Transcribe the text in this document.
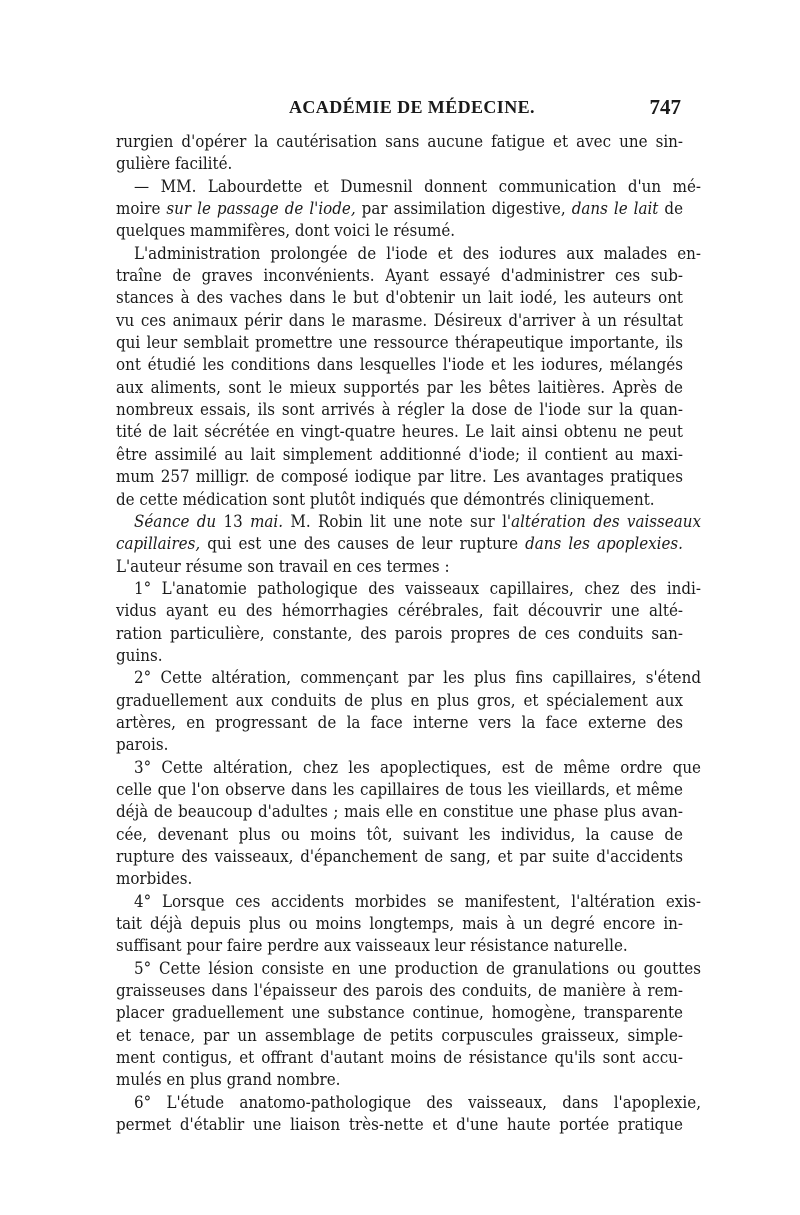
ACADÉMIE DE MÉDECINE.	747
rurgien d'opérer la cautérisation sans aucune fatigue et avec une sin-
gulière facilité.
— MM. Labourdette et Dumesnil donnent communication d'un mé-
moire sur le passage de l'iode, par assimilation digestive, dans le lait de
quelques mammifères, dont voici le résumé.
L'administration prolongée de l'iode et des iodures aux malades en-
traîne de graves inconvénients. Ayant essayé d'administrer ces sub-
stances à des vaches dans le but d'obtenir un lait iodé, les auteurs ont
vu ces animaux périr dans le marasme. Désireux d'arriver à un résultat
qui leur semblait promettre une ressource thérapeutique importante, ils
ont étudié les conditions dans lesquelles l'iode et les iodures, mélangés
aux aliments, sont le mieux supportés par les bêtes laitières. Après de
nombreux essais, ils sont arrivés à régler la dose de l'iode sur la quan-
tité de lait sécrétée en vingt-quatre heures. Le lait ainsi obtenu ne peut
être assimilé au lait simplement additionné d'iode; il contient au maxi-
mum 257 milligr. de composé iodique par litre. Les avantages pratiques
de cette médication sont plutôt indiqués que démontrés cliniquement.
Séance du 13 mai. M. Robin lit une note sur l'altération des vaisseaux
capillaires, qui est une des causes de leur rupture dans les apoplexies.
L'auteur résume son travail en ces termes :
1° L'anatomie pathologique des vaisseaux capillaires, chez des indi-
vidus ayant eu des hémorrhagies cérébrales, fait découvrir une alté-
ration particulière, constante, des parois propres de ces conduits san-
guins.
2° Cette altération, commençant par les plus fins capillaires, s'étend
graduellement aux conduits de plus en plus gros, et spécialement aux
artères, en progressant de la face interne vers la face externe des
parois.
3° Cette altération, chez les apoplectiques, est de même ordre que
celle que l'on observe dans les capillaires de tous les vieillards, et même
déjà de beaucoup d'adultes ; mais elle en constitue une phase plus avan-
cée, devenant plus ou moins tôt, suivant les individus, la cause de
rupture des vaisseaux, d'épanchement de sang, et par suite d'accidents
morbides.
4° Lorsque ces accidents morbides se manifestent, l'altération exis-
tait déjà depuis plus ou moins longtemps, mais à un degré encore in-
suffisant pour faire perdre aux vaisseaux leur résistance naturelle.
5° Cette lésion consiste en une production de granulations ou gouttes
graisseuses dans l'épaisseur des parois des conduits, de manière à rem-
placer graduellement une substance continue, homogène, transparente
et tenace, par un assemblage de petits corpuscules graisseux, simple-
ment contigus, et offrant d'autant moins de résistance qu'ils sont accu-
mulés en plus grand nombre.
6° L'étude anatomo-pathologique des vaisseaux, dans l'apoplexie,
permet d'établir une liaison très-nette et d'une haute portée pratique
